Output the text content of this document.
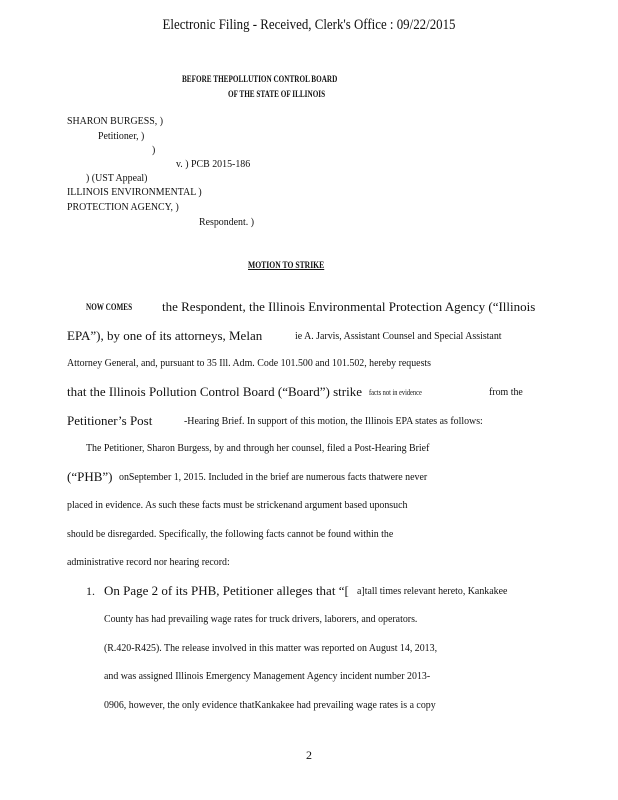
Electronic Filing - Received, Clerk's Office : 09/22/2015
BEFORE THEPOLLUTION CONTROL BOARD
OF THE STATE OF ILLINOIS
SHARON BURGESS, )
Petitioner, )
)
v. ) PCB 2015-186
) (UST Appeal)
ILLINOIS ENVIRONMENTAL )
PROTECTION AGENCY, )
Respondent. )
MOTION TO STRIKE
NOW COMES the Respondent, the Illinois Environmental Protection Agency (“Illinois
EPA”), by one of its attorneys, Melan	ie A. Jarvis, Assistant Counsel and Special Assistant
Attorney General, and, pursuant to 35 Ill. Adm. Code 101.500 and 101.502, hereby requests
that the Illinois Pollution Control Board (“Board”) strike facts not in evidence	from the
Petitioner’s Post	-Hearing Brief. In support of this motion, the Illinois EPA states as follows:
The Petitioner, Sharon Burgess, by and through her counsel, filed a Post-Hearing Brief
(“PHB”) onSeptember 1, 2015. Included in the brief are numerous facts thatwere never
placed in evidence. As such these facts must be strickenand argument based uponsuch
should be disregarded. Specifically, the following facts cannot be found within the
administrative record nor hearing record:
1. On Page 2 of its PHB, Petitioner alleges that “[ a]tall times relevant hereto, Kankakee
County has had prevailing wage rates for truck drivers, laborers, and operators.
(R.420-R425). The release involved in this matter was reported on August 14, 2013,
and was assigned Illinois Emergency Management Agency incident number 2013-
0906, however, the only evidence thatKankakee had prevailing wage rates is a copy
2
